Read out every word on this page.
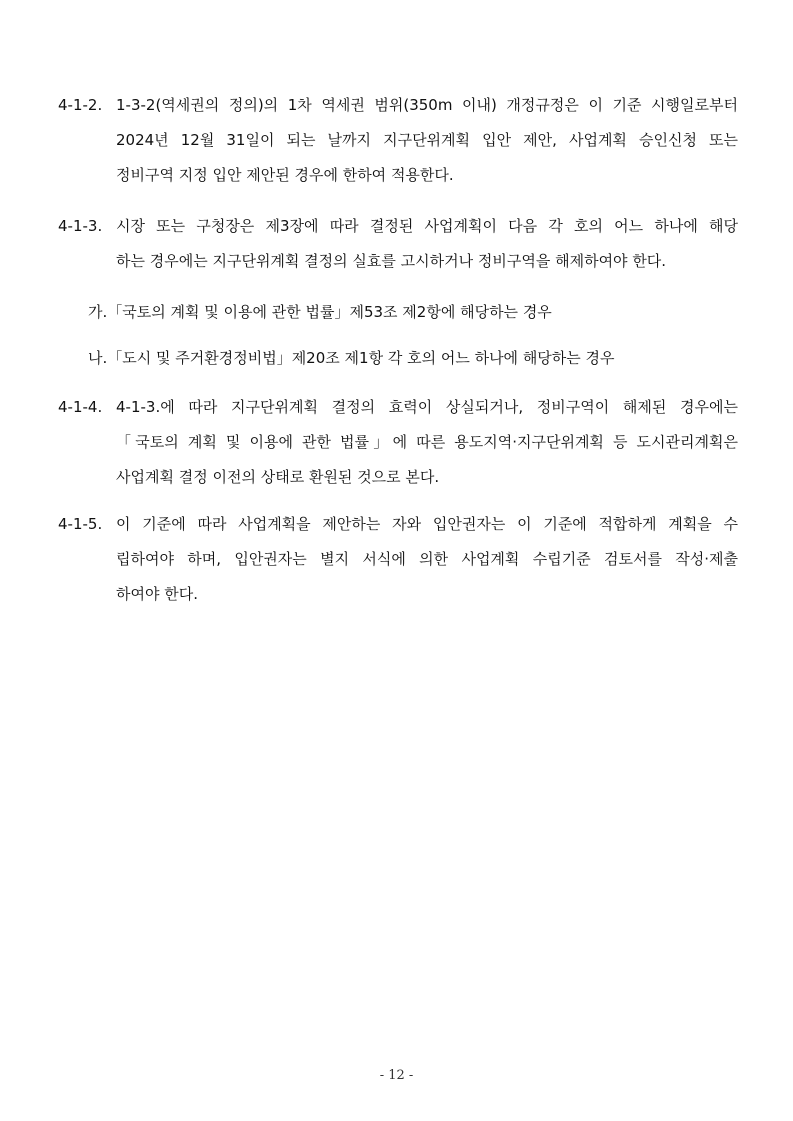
4-1-2. 1-3-2(역세권의 정의)의 1차 역세권 범위(350m 이내) 개정규정은 이 기준 시행일로부터
2024년 12월 31일이 되는 날까지 지구단위계획 입안 제안, 사업계획 승인신청 또는
정비구역 지정 입안 제안된 경우에 한하여 적용한다.
4-1-3. 시장 또는 구청장은 제3장에 따라 결정된 사업계획이 다음 각 호의 어느 하나에 해당
하는 경우에는 지구단위계획 결정의 실효를 고시하거나 정비구역을 해제하여야 한다.
가.「국토의 계획 및 이용에 관한 법률」제53조 제2항에 해당하는 경우
나.「도시 및 주거환경정비법」제20조 제1항 각 호의 어느 하나에 해당하는 경우
4-1-4. 4-1-3.에 따라 지구단위계획 결정의 효력이 상실되거나, 정비구역이 해제된 경우에는
「국토의 계획 및 이용에 관한 법률」에 따른 용도지역·지구단위계획 등 도시관리계획은
사업계획 결정 이전의 상태로 환원된 것으로 본다.
4-1-5. 이 기준에 따라 사업계획을 제안하는 자와 입안권자는 이 기준에 적합하게 계획을 수
립하여야 하며, 입안권자는 별지 서식에 의한 사업계획 수립기준 검토서를 작성·제출
하여야 한다.
- 12 -
